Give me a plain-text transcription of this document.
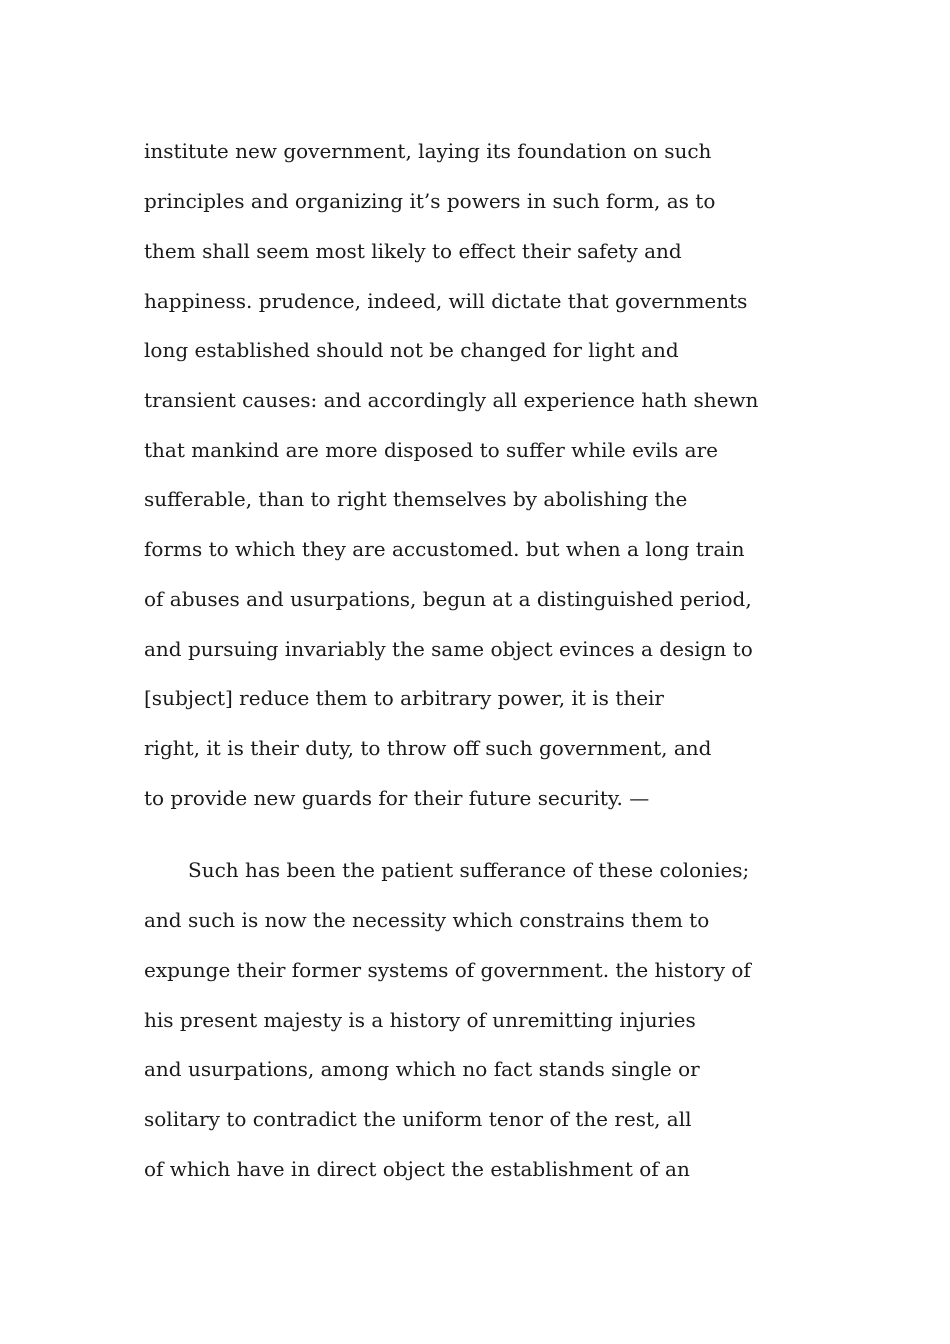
institute new government, laying its foundation on such
principles and organizing it’s powers in such form, as to
them shall seem most likely to effect their safety and
happiness. prudence, indeed, will dictate that governments
long established should not be changed for light and
transient causes: and accordingly all experience hath shewn
that mankind are more disposed to suffer while evils are
sufferable, than to right themselves by abolishing the
forms to which they are accustomed. but when a long train
of abuses and usurpations, begun at a distinguished period,
and pursuing invariably the same object evinces a design to
[subject] reduce them to arbitrary power, it is their
right, it is their duty, to throw off such government, and
to provide new guards for their future security. —
Such has been the patient sufferance of these colonies;
and such is now the necessity which constrains them to
expunge their former systems of government. the history of
his present majesty is a history of unremitting injuries
and usurpations, among which no fact stands single or
solitary to contradict the uniform tenor of the rest, all
of which have in direct object the establishment of an
